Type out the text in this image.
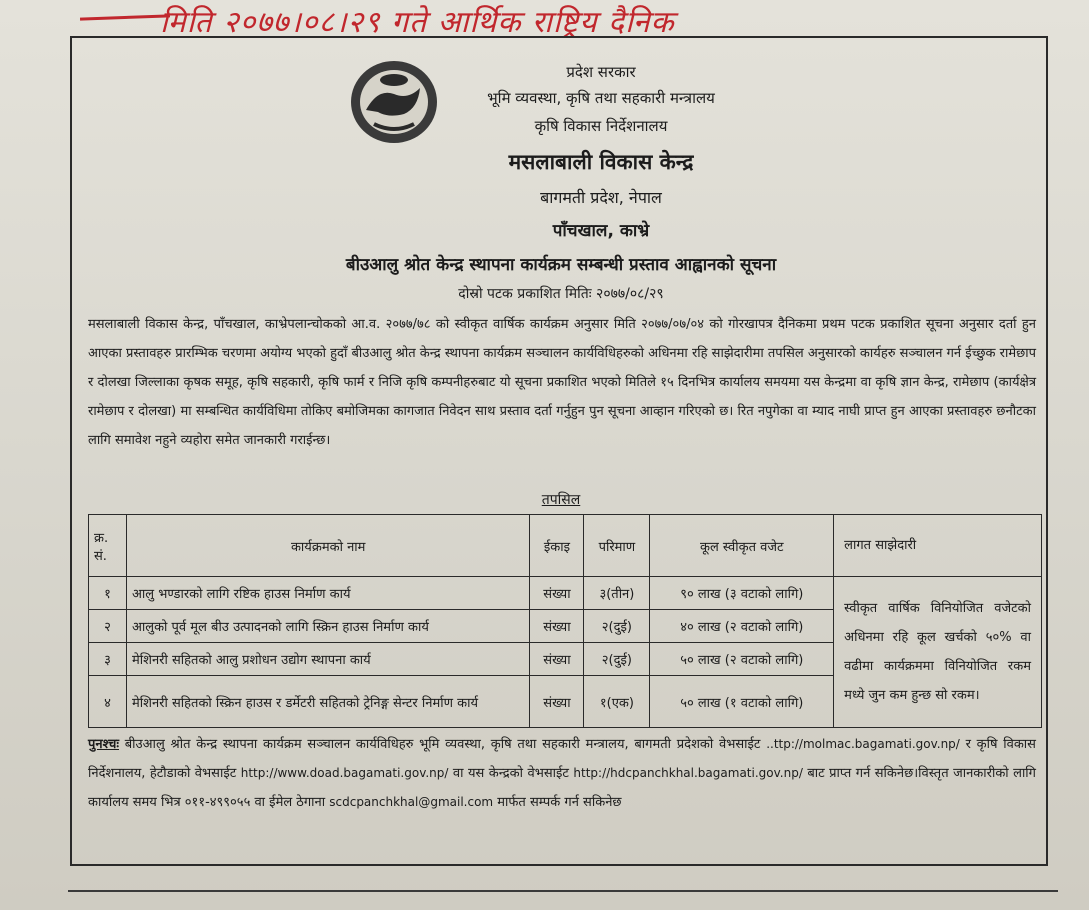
मिति २०७७।०८।२९ गते आर्थिक राष्ट्रिय दैनिक
प्रदेश सरकार
भूमि व्यवस्था, कृषि तथा सहकारी मन्त्रालय
कृषि विकास निर्देशनालय
मसलाबाली विकास केन्द्र
बागमती प्रदेश, नेपाल
पाँचखाल, काभ्रे
बीउआलु श्रोत केन्द्र स्थापना कार्यक्रम सम्बन्धी प्रस्ताव आह्वानको सूचना
दोस्रो पटक प्रकाशित मितिः २०७७/०८/२९

मसलाबाली विकास केन्द्र, पाँचखाल, काभ्रेपलान्चोकको आ.व. २०७७/७८ को स्वीकृत वार्षिक कार्यक्रम अनुसार मिति २०७७/०७/०४ को गोरखापत्र दैनिकमा प्रथम पटक प्रकाशित सूचना अनुसार दर्ता हुन आएका प्रस्तावहरु प्रारम्भिक चरणमा अयोग्य भएको हुदाँ बीउआलु श्रोत केन्द्र स्थापना कार्यक्रम सञ्चालन कार्यविधिहरुको अधिनमा रहि साझेदारीमा तपसिल अनुसारको कार्यहरु सञ्चालन गर्न ईच्छुक रामेछाप र दोलखा जिल्लाका कृषक समूह, कृषि सहकारी, कृषि फार्म र निजि कृषि कम्पनीहरुबाट यो सूचना प्रकाशित भएको मितिले १५ दिनभित्र कार्यालय समयमा यस केन्द्रमा वा कृषि ज्ञान केन्द्र, रामेछाप (कार्यक्षेत्र रामेछाप र दोलखा) मा सम्बन्धित कार्यविधिमा तोकिए बमोजिमका कागजात निवेदन साथ प्रस्ताव दर्ता गर्नुहुन पुन सूचना आव्हान गरिएको छ। रित नपुगेका वा म्याद नाघी प्राप्त हुन आएका प्रस्तावहरु छनौटका लागि समावेश नहुने व्यहोरा समेत जानकारी गराईन्छ।

तपसिल
क्र. सं.	कार्यक्रमको नाम	ईकाइ	परिमाण	कूल स्वीकृत वजेट	लागत साझेदारी
१	आलु भण्डारको लागि रष्टिक हाउस निर्माण कार्य	संख्या	३(तीन)	९० लाख (३ वटाको लागि)	स्वीकृत वार्षिक विनियोजित वजेटको अधिनमा रहि कूल खर्चको ५०% वा वढीमा कार्यक्रममा विनियोजित रकम मध्ये जुन कम हुन्छ सो रकम।
२	आलुको पूर्व मूल बीउ उत्पादनको लागि स्क्रिन हाउस निर्माण कार्य	संख्या	२(दुई)	४० लाख (२ वटाको लागि)	
३	मेशिनरी सहितको आलु प्रशोधन उद्योग स्थापना कार्य	संख्या	२(दुई)	५० लाख (२ वटाको लागि)	
४	मेशिनरी सहितको स्क्रिन हाउस र डर्मेटरी सहितको ट्रेनिङ्ग सेन्टर निर्माण कार्य	संख्या	१(एक)	५० लाख (१ वटाको लागि)	

पुनश्चः बीउआलु श्रोत केन्द्र स्थापना कार्यक्रम सञ्चालन कार्यविधिहरु भूमि व्यवस्था, कृषि तथा सहकारी मन्त्रालय, बागमती प्रदेशको वेभसाईट ..ttp://molmac.bagamati.gov.np/ र कृषि विकास निर्देशनालय, हेटौडाको वेभसाईट http://www.doad.bagamati.gov.np/ वा यस केन्द्रको वेभसाईट http://hdcpanchkhal.bagamati.gov.np/ बाट प्राप्त गर्न सकिनेछ।विस्तृत जानकारीको लागि कार्यालय समय भित्र ०११-४९९०५५ वा ईमेल ठेगाना scdcpanchkhal@gmail.com मार्फत सम्पर्क गर्न सकिनेछ
